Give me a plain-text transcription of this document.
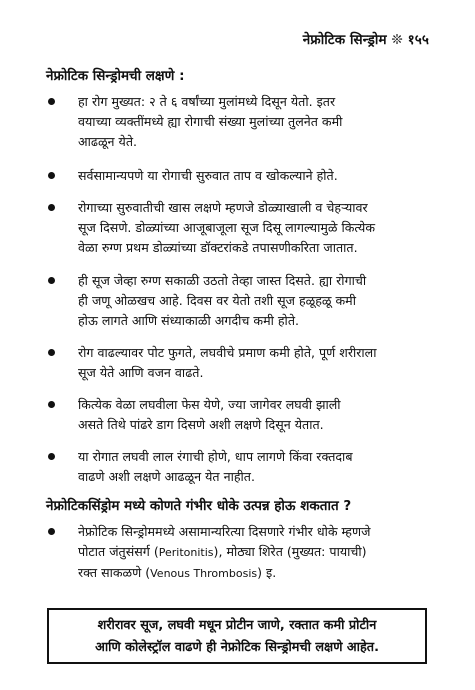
नेफ्रोटिक सिन्ड्रोम ❊ १५५
नेफ्रोटिक सिन्ड्रोमची लक्षणे :
हा रोग मुख्यत: २ ते ६ वर्षांच्या मुलांमध्ये दिसून येतो. इतर
वयाच्या व्यक्तींमध्ये ह्या रोगाची संख्या मुलांच्या तुलनेत कमी
आढळून येते.
सर्वसामान्यपणे या रोगाची सुरुवात ताप व खोकल्याने होते.
रोगाच्या सुरुवातीची खास लक्षणे म्हणजे डोळ्याखाली व चेहऱ्यावर
सूज दिसणे. डोळ्यांच्या आजूबाजूला सूज दिसू लागल्यामुळे कित्येक
वेळा रुग्ण प्रथम डोळ्यांच्या डॉक्टरांकडे तपासणीकरिता जातात.
ही सूज जेव्हा रुग्ण सकाळी उठतो तेव्हा जास्त दिसते. ह्या रोगाची
ही जणू ओळखच आहे. दिवस वर येतो तशी सूज हळूहळू कमी
होऊ लागते आणि संध्याकाळी अगदीच कमी होते.
रोग वाढल्यावर पोट फुगते, लघवीचे प्रमाण कमी होते, पूर्ण शरीराला
सूज येते आणि वजन वाढते.
कित्येक वेळा लघवीला फेस येणे, ज्या जागेवर लघवी झाली
असते तिथे पांढरे डाग दिसणे अशी लक्षणे दिसून येतात.
या रोगात लघवी लाल रंगाची होणे, धाप लागणे किंवा रक्तदाब
वाढणे अशी लक्षणे आढळून येत नाहीत.
नेफ्रोटिकसिंड्रोम मध्ये कोणते गंभीर धोके उत्पन्न होऊ शकतात ?
नेफ्रोटिक सिन्ड्रोममध्ये असामान्यरित्या दिसणारे गंभीर धोके म्हणजे
पोटात जंतुसंसर्ग (Peritonitis), मोठ्या शिरेत (मुख्यत: पायाची)
रक्त साकळणे (Venous Thrombosis) इ.
शरीरावर सूज, लघवी मधून प्रोटीन जाणे, रक्तात कमी प्रोटीन
आणि कोलेस्ट्रॉल वाढणे ही नेफ्रोटिक सिन्ड्रोमची लक्षणे आहेत.
